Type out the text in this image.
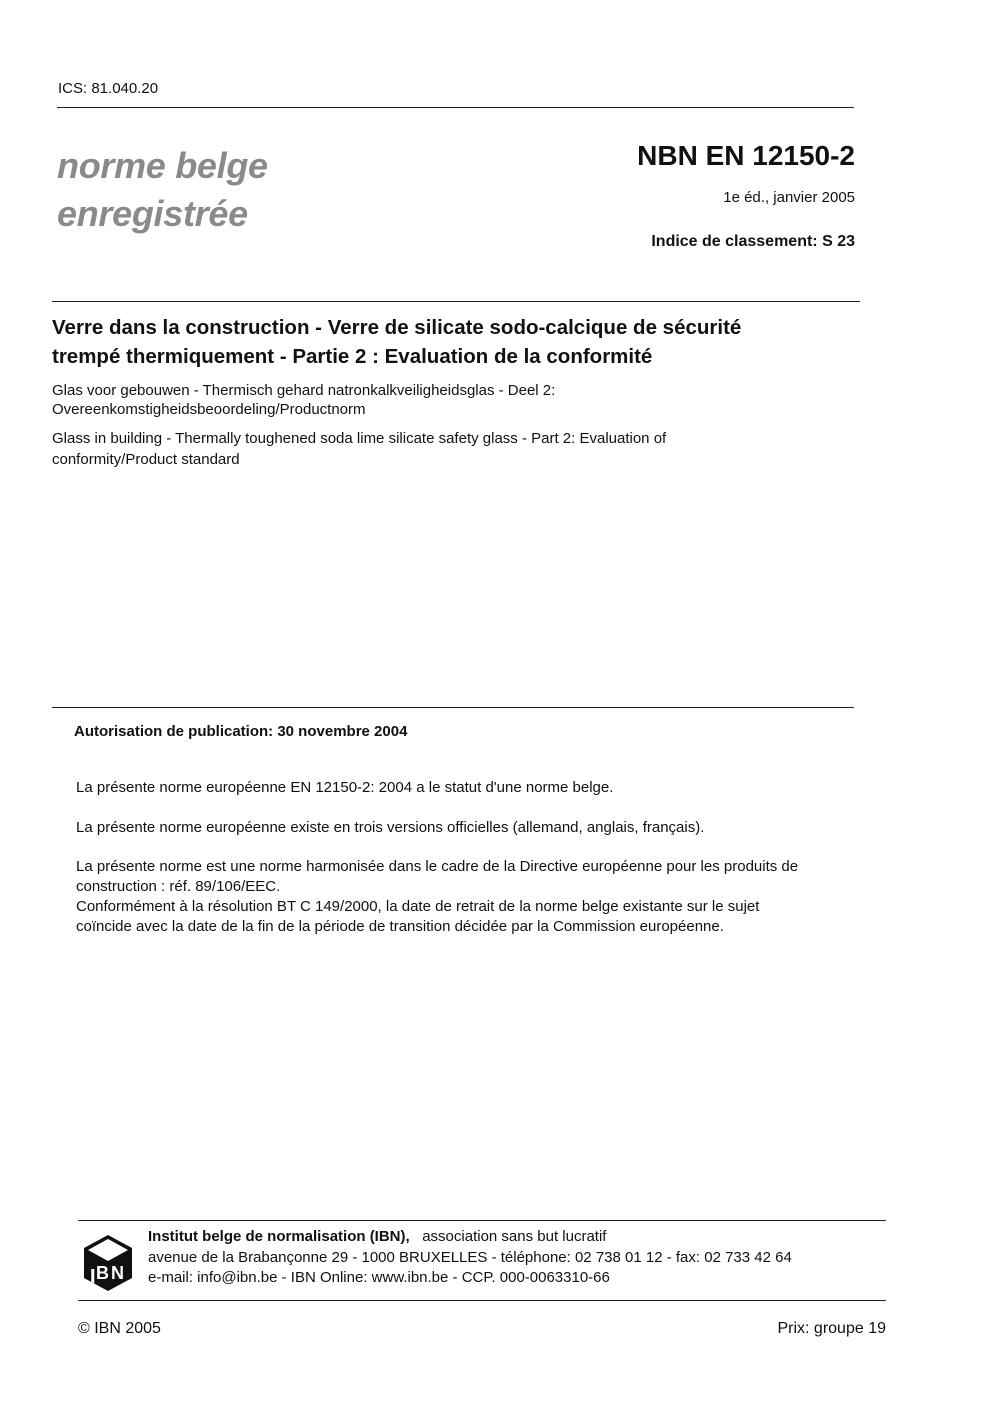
ICS: 81.040.20
norme belge
enregistrée
NBN EN 12150-2
1e éd., janvier 2005
Indice de classement: S 23
Verre dans la construction - Verre de silicate sodo-calcique de sécurité
trempé thermiquement - Partie 2 : Evaluation de la conformité
Glas voor gebouwen - Thermisch gehard natronkalkveiligheidsglas - Deel 2:
Overeenkomstigheidsbeoordeling/Productnorm
Glass in building - Thermally toughened soda lime silicate safety glass - Part 2: Evaluation of
conformity/Product standard
Autorisation de publication: 30 novembre 2004
La présente norme européenne EN 12150-2: 2004 a le statut d'une norme belge.
La présente norme européenne existe en trois versions officielles (allemand, anglais, français).
La présente norme est une norme harmonisée dans le cadre de la Directive européenne pour les produits de
construction : réf. 89/106/EEC.
Conformément à la résolution BT C 149/2000, la date de retrait de la norme belge existante sur le sujet
coïncide avec la date de la fin de la période de transition décidée par la Commission européenne.
I B N
IBN	Institut belge de normalisation (IBN), association sans but lucratif
avenue de la Brabançonne 29 - 1000 BRUXELLES - téléphone: 02 738 01 12 - fax: 02 733 42 64
e-mail: info@ibn.be - IBN Online: www.ibn.be - CCP. 000-0063310-66
© IBN 2005	Prix: groupe 19
